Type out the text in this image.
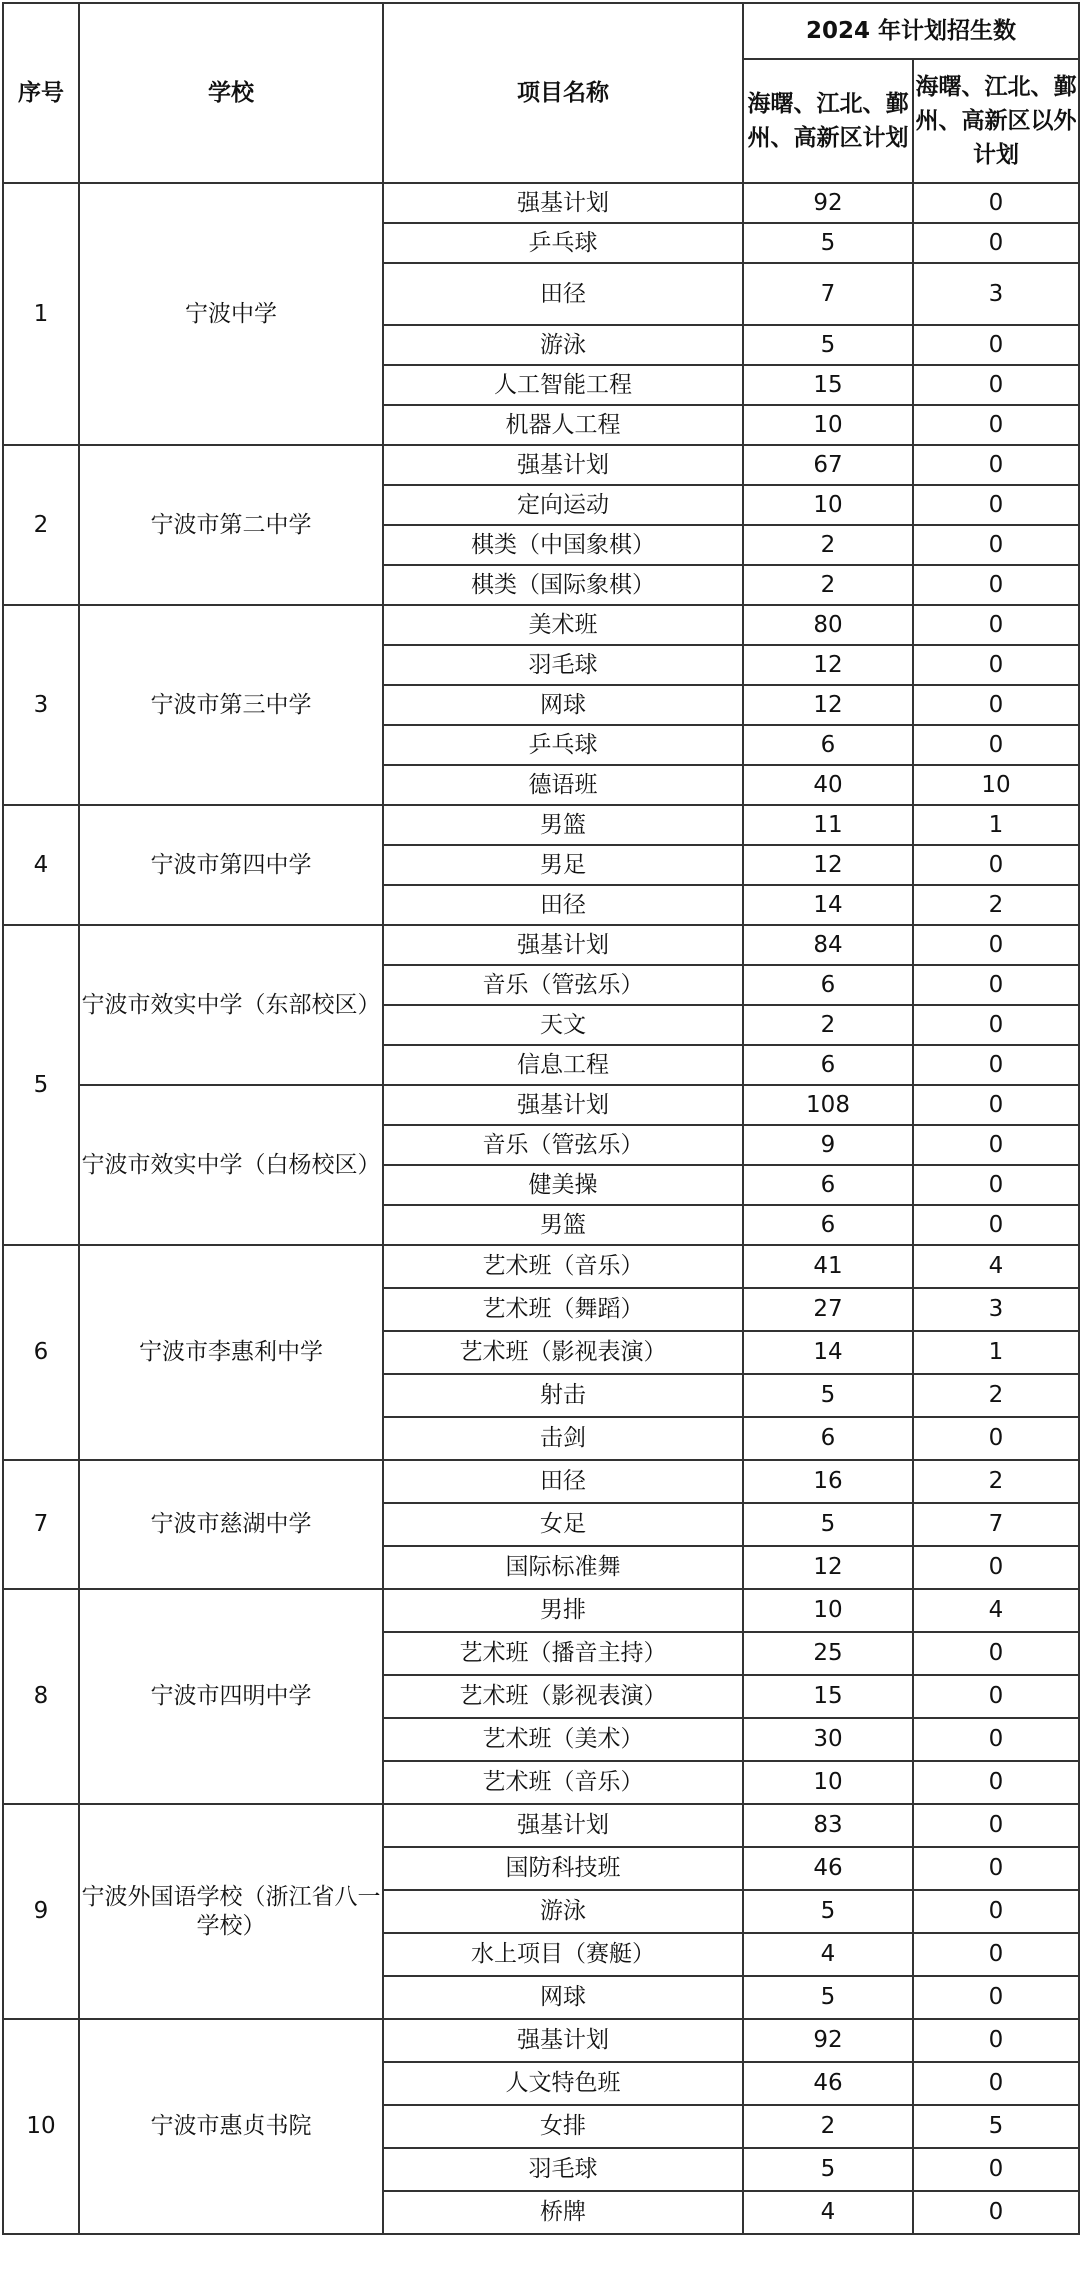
序号	学校	项目名称	2024 年计划招生数	
			海曙、江北、鄞州、高新区计划	海曙、江北、鄞州、高新区以外计划
1	宁波中学	强基计划	92	0
		乒乓球	5	0
		田径	7	3
		游泳	5	0
		人工智能工程	15	0
		机器人工程	10	0
2	宁波市第二中学	强基计划	67	0
		定向运动	10	0
		棋类（中国象棋）	2	0
		棋类（国际象棋）	2	0
3	宁波市第三中学	美术班	80	0
		羽毛球	12	0
		网球	12	0
		乒乓球	6	0
		德语班	40	10
4	宁波市第四中学	男篮	11	1
		男足	12	0
		田径	14	2
5	宁波市效实中学（东部校区）	强基计划	84	0
		音乐（管弦乐）	6	0
		天文	2	0
		信息工程	6	0
	宁波市效实中学（白杨校区）	强基计划	108	0
		音乐（管弦乐）	9	0
		健美操	6	0
		男篮	6	0
6	宁波市李惠利中学	艺术班（音乐）	41	4
		艺术班（舞蹈）	27	3
		艺术班（影视表演）	14	1
		射击	5	2
		击剑	6	0
7	宁波市慈湖中学	田径	16	2
		女足	5	7
		国际标准舞	12	0
8	宁波市四明中学	男排	10	4
		艺术班（播音主持）	25	0
		艺术班（影视表演）	15	0
		艺术班（美术）	30	0
		艺术班（音乐）	10	0
9	宁波外国语学校（浙江省八一学校）	强基计划	83	0
		国防科技班	46	0
		游泳	5	0
		水上项目（赛艇）	4	0
		网球	5	0
10	宁波市惠贞书院	强基计划	92	0
		人文特色班	46	0
		女排	2	5
		羽毛球	5	0
		桥牌	4	0
